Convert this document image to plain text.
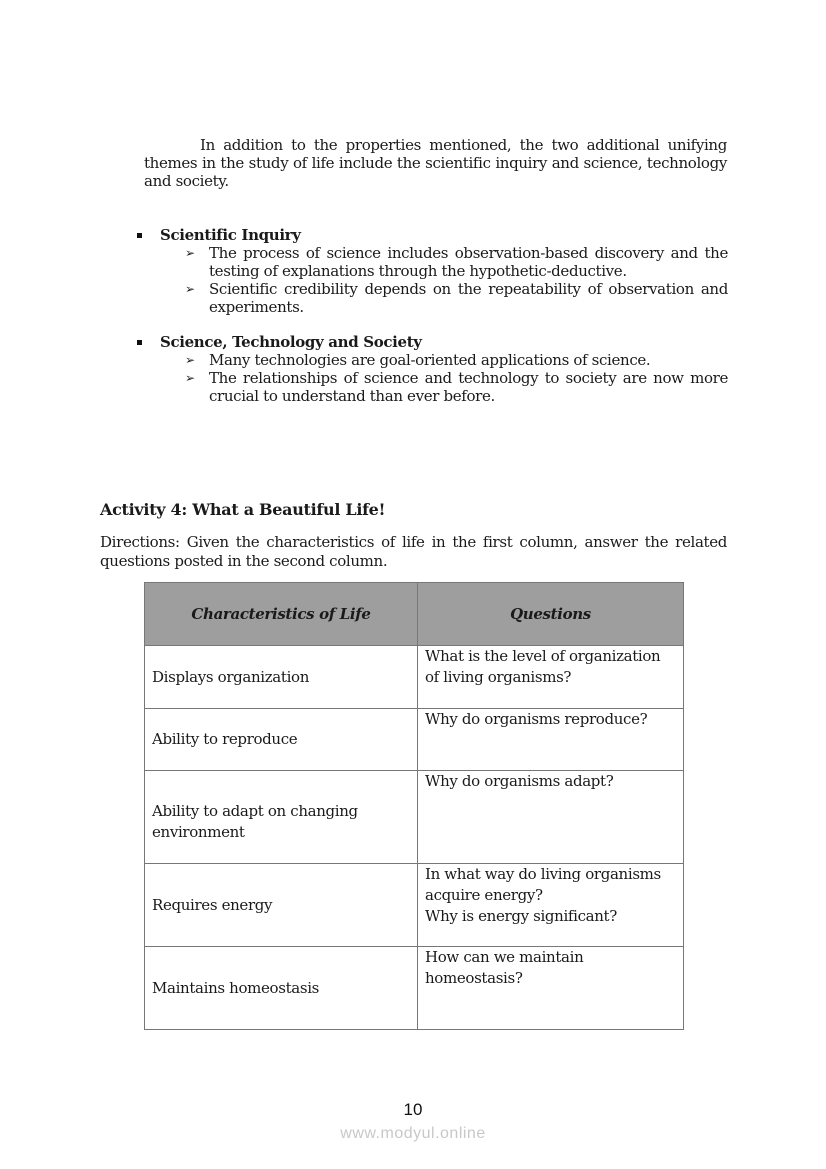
In addition to the properties mentioned, the two additional unifying themes in the study of life include the scientific inquiry and science, technology and society.

Scientific Inquiry
➢ The process of science includes observation-based discovery and the testing of explanations through the hypothetic-deductive.
➢ Scientific credibility depends on the repeatability of observation and experiments.
Science, Technology and Society
➢ Many technologies are goal-oriented applications of science.
➢ The relationships of science and technology to society are now more crucial to understand than ever before.
Activity 4: What a Beautiful Life!
Directions: Given the characteristics of life in the first column, answer the related questions posted in the second column.
Characteristics of Life	Questions
Displays organization	What is the level of organization of living organisms?

Ability to reproduce	Why do organisms reproduce?

Ability to adapt on changing environment	Why do organisms adapt?

Requires energy	In what way do living organisms acquire energy?
Why is energy significant?

Maintains homeostasis	How can we maintain homeostasis?
10
www.modyul.online
